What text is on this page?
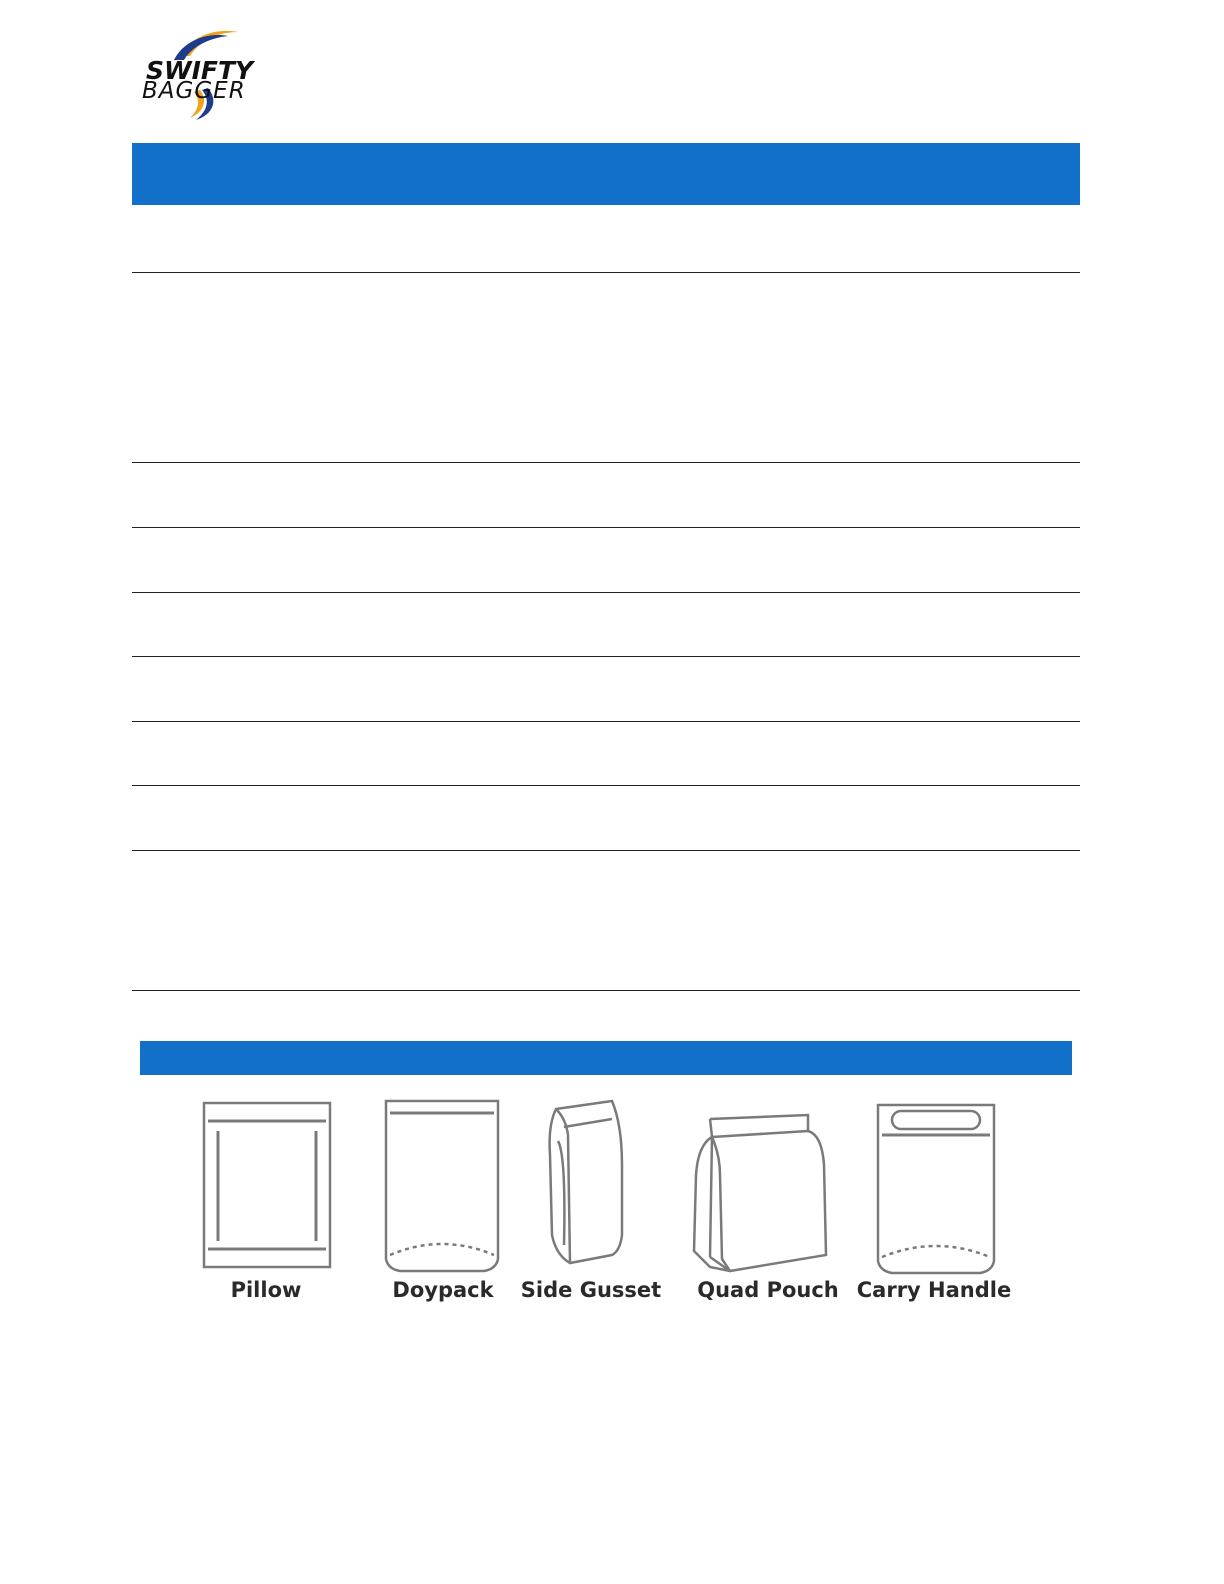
SWIFTY
BAGGER
Pillow	Doypack	Side Gusset	Quad Pouch Carry Handle
